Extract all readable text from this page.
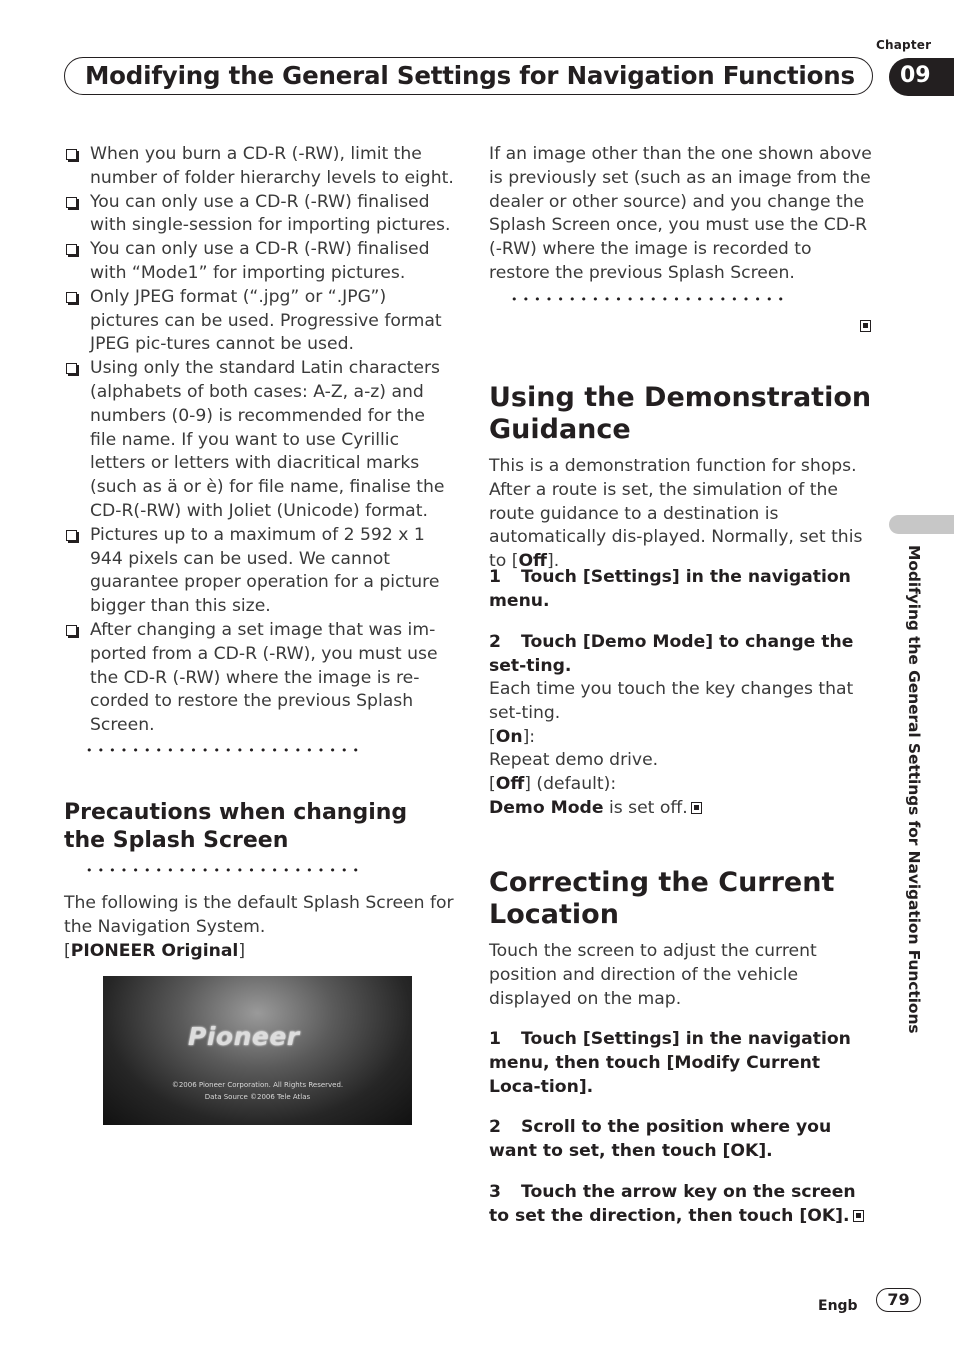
Chapter
09
Modifying the General Settings for Navigation Functions
Modifying the General Settings for Navigation Functions
When you burn a CD-R (-RW), limit the number of folder hierarchy levels to eight.
You can only use a CD-R (-RW) finalised with single-session for importing pictures.
You can only use a CD-R (-RW) finalised with “Mode1” for importing pictures.
Only JPEG format (“.jpg” or “.JPG”) pictures can be used. Progressive format JPEG pic-tures cannot be used.
Using only the standard Latin characters (alphabets of both cases: A-Z, a-z) and numbers (0-9) is recommended for the file name. If you want to use Cyrillic letters or letters with diacritical marks (such as ä or è) for file name, finalise the CD-R(-RW) with Joliet (Unicode) format.
Pictures up to a maximum of 2 592 x 1 944 pixels can be used. We cannot guarantee proper operation for a picture bigger than this size.
After changing a set image that was im-ported from a CD-R (-RW), you must use the CD-R (-RW) where the image is re-corded to restore the previous Splash Screen.
••••••••••••••••••••••••
Precautions when changing the Splash Screen
••••••••••••••••••••••••
The following is the default Splash Screen for the Navigation System.
[PIONEER Original]
Pioneer
©2006 Pioneer Corporation. All Rights Reserved.
Data Source ©2006 Tele Atlas
If an image other than the one shown above is previously set (such as an image from the dealer or other source) and you change the Splash Screen once, you must use the CD-R (-RW) where the image is recorded to restore the previous Splash Screen.
••••••••••••••••••••••••
Using the Demonstration Guidance
This is a demonstration function for shops. After a route is set, the simulation of the route guidance to a destination is automatically dis-played. Normally, set this to [Off].
1 Touch [Settings] in the navigation menu.
2 Touch [Demo Mode] to change the set-ting.
Each time you touch the key changes that set-ting.
[On]:
Repeat demo drive.
[Off] (default):
Demo Mode is set off.
Correcting the Current Location
Touch the screen to adjust the current position and direction of the vehicle displayed on the map.
1 Touch [Settings] in the navigation menu, then touch [Modify Current Loca-tion].
2 Scroll to the position where you want to set, then touch [OK].
3 Touch the arrow key on the screen to set the direction, then touch [OK].
Engb	79
